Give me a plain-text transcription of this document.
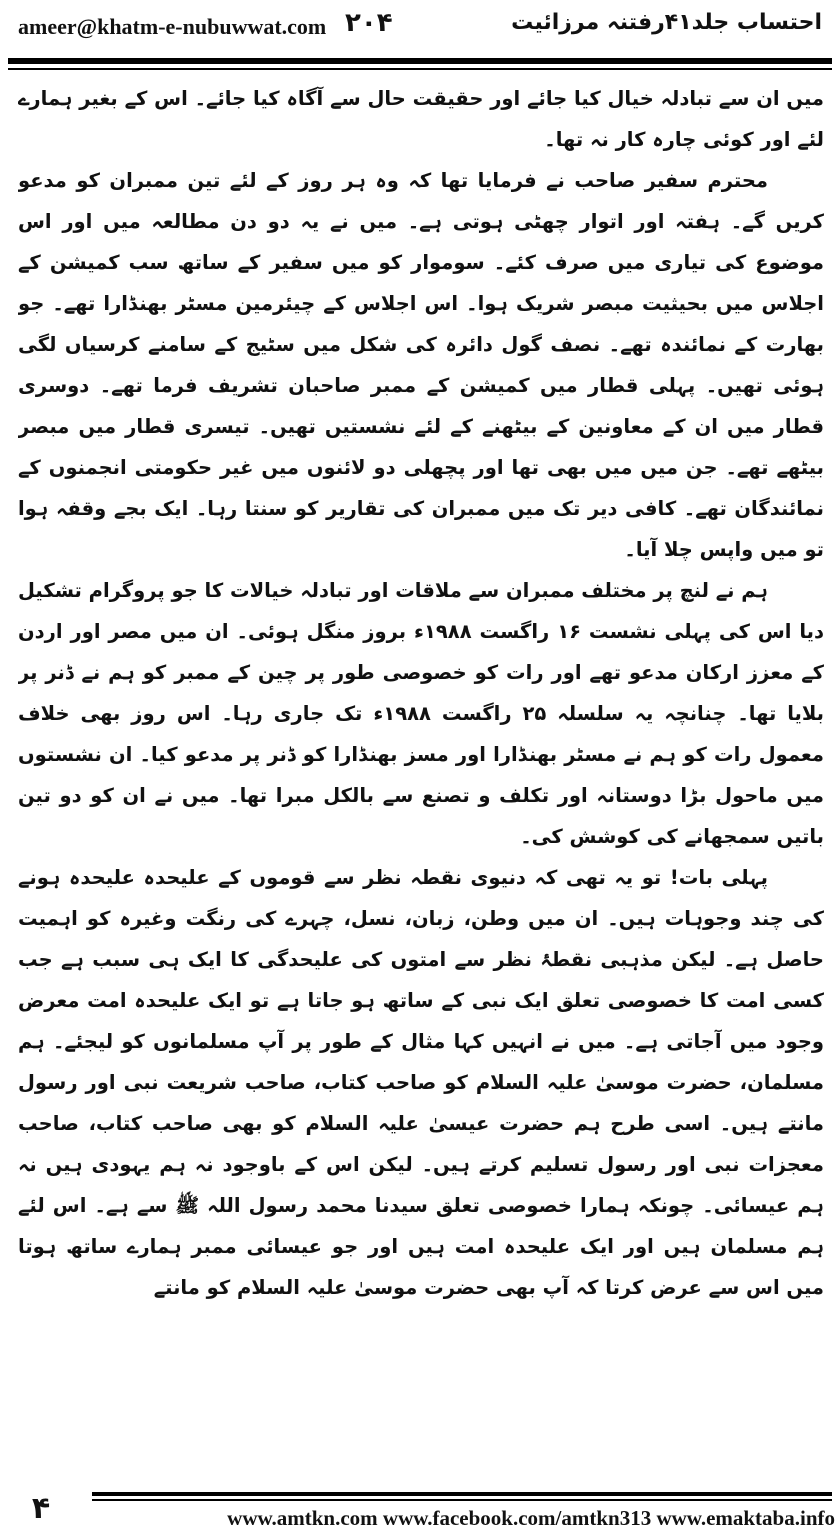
ameer@khatm-e-nubuwwat.com ۲۰۴	احتساب جلد۴۱رفتنہ مرزائیت

میں ان سے تبادلہ خیال کیا جائے اور حقیقت حال سے آگاہ کیا جائے۔ اس کے بغیر ہمارے لئے اور کوئی چارہ کار نہ تھا۔

محترم سفیر صاحب نے فرمایا تھا کہ وہ ہر روز کے لئے تین ممبران کو مدعو کریں گے۔ ہفتہ اور اتوار چھٹی ہوتی ہے۔ میں نے یہ دو دن مطالعہ میں اور اس موضوع کی تیاری میں صرف کئے۔ سوموار کو میں سفیر کے ساتھ سب کمیشن کے اجلاس میں بحیثیت مبصر شریک ہوا۔ اس اجلاس کے چیئرمین مسٹر بھنڈارا تھے۔ جو بھارت کے نمائندہ تھے۔ نصف گول دائرہ کی شکل میں سٹیج کے سامنے کرسیاں لگی ہوئی تھیں۔ پہلی قطار میں کمیشن کے ممبر صاحبان تشریف فرما تھے۔ دوسری قطار میں ان کے معاونین کے بیٹھنے کے لئے نشستیں تھیں۔ تیسری قطار میں مبصر بیٹھے تھے۔ جن میں میں بھی تھا اور پچھلی دو لائنوں میں غیر حکومتی انجمنوں کے نمائندگان تھے۔ کافی دیر تک میں ممبران کی تقاریر کو سنتا رہا۔ ایک بجے وقفہ ہوا تو میں واپس چلا آیا۔

ہم نے لنچ پر مختلف ممبران سے ملاقات اور تبادلہ خیالات کا جو پروگرام تشکیل دیا اس کی پہلی نشست ۱۶ راگست ۱۹۸۸ء بروز منگل ہوئی۔ ان میں مصر اور اردن کے معزز ارکان مدعو تھے اور رات کو خصوصی طور پر چین کے ممبر کو ہم نے ڈنر پر بلایا تھا۔ چنانچہ یہ سلسلہ ۲۵ راگست ۱۹۸۸ء تک جاری رہا۔ اس روز بھی خلاف معمول رات کو ہم نے مسٹر بھنڈارا اور مسز بھنڈارا کو ڈنر پر مدعو کیا۔ ان نشستوں میں ماحول بڑا دوستانہ اور تکلف و تصنع سے بالکل مبرا تھا۔ میں نے ان کو دو تین باتیں سمجھانے کی کوشش کی۔

پہلی بات! تو یہ تھی کہ دنیوی نقطہ نظر سے قوموں کے علیحدہ علیحدہ ہونے کی چند وجوہات ہیں۔ ان میں وطن، زبان، نسل، چہرے کی رنگت وغیرہ کو اہمیت حاصل ہے۔ لیکن مذہبی نقطۂ نظر سے امتوں کی علیحدگی کا ایک ہی سبب ہے جب کسی امت کا خصوصی تعلق ایک نبی کے ساتھ ہو جاتا ہے تو ایک علیحدہ امت معرض وجود میں آجاتی ہے۔ میں نے انہیں کہا مثال کے طور پر آپ مسلمانوں کو لیجئے۔ ہم مسلمان، حضرت موسیٰ علیہ السلام کو صاحب کتاب، صاحب شریعت نبی اور رسول مانتے ہیں۔ اسی طرح ہم حضرت عیسیٰ علیہ السلام کو بھی صاحب کتاب، صاحب معجزات نبی اور رسول تسلیم کرتے ہیں۔ لیکن اس کے باوجود نہ ہم یہودی ہیں نہ ہم عیسائی۔ چونکہ ہمارا خصوصی تعلق سیدنا محمد رسول اللہ ﷺ سے ہے۔ اس لئے ہم مسلمان ہیں اور ایک علیحدہ امت ہیں اور جو عیسائی ممبر ہمارے ساتھ ہوتا میں اس سے عرض کرتا کہ آپ بھی حضرت موسیٰ علیہ السلام کو مانتے

۴	www.amtkn.com www.facebook.com/amtkn313 www.emaktaba.info
